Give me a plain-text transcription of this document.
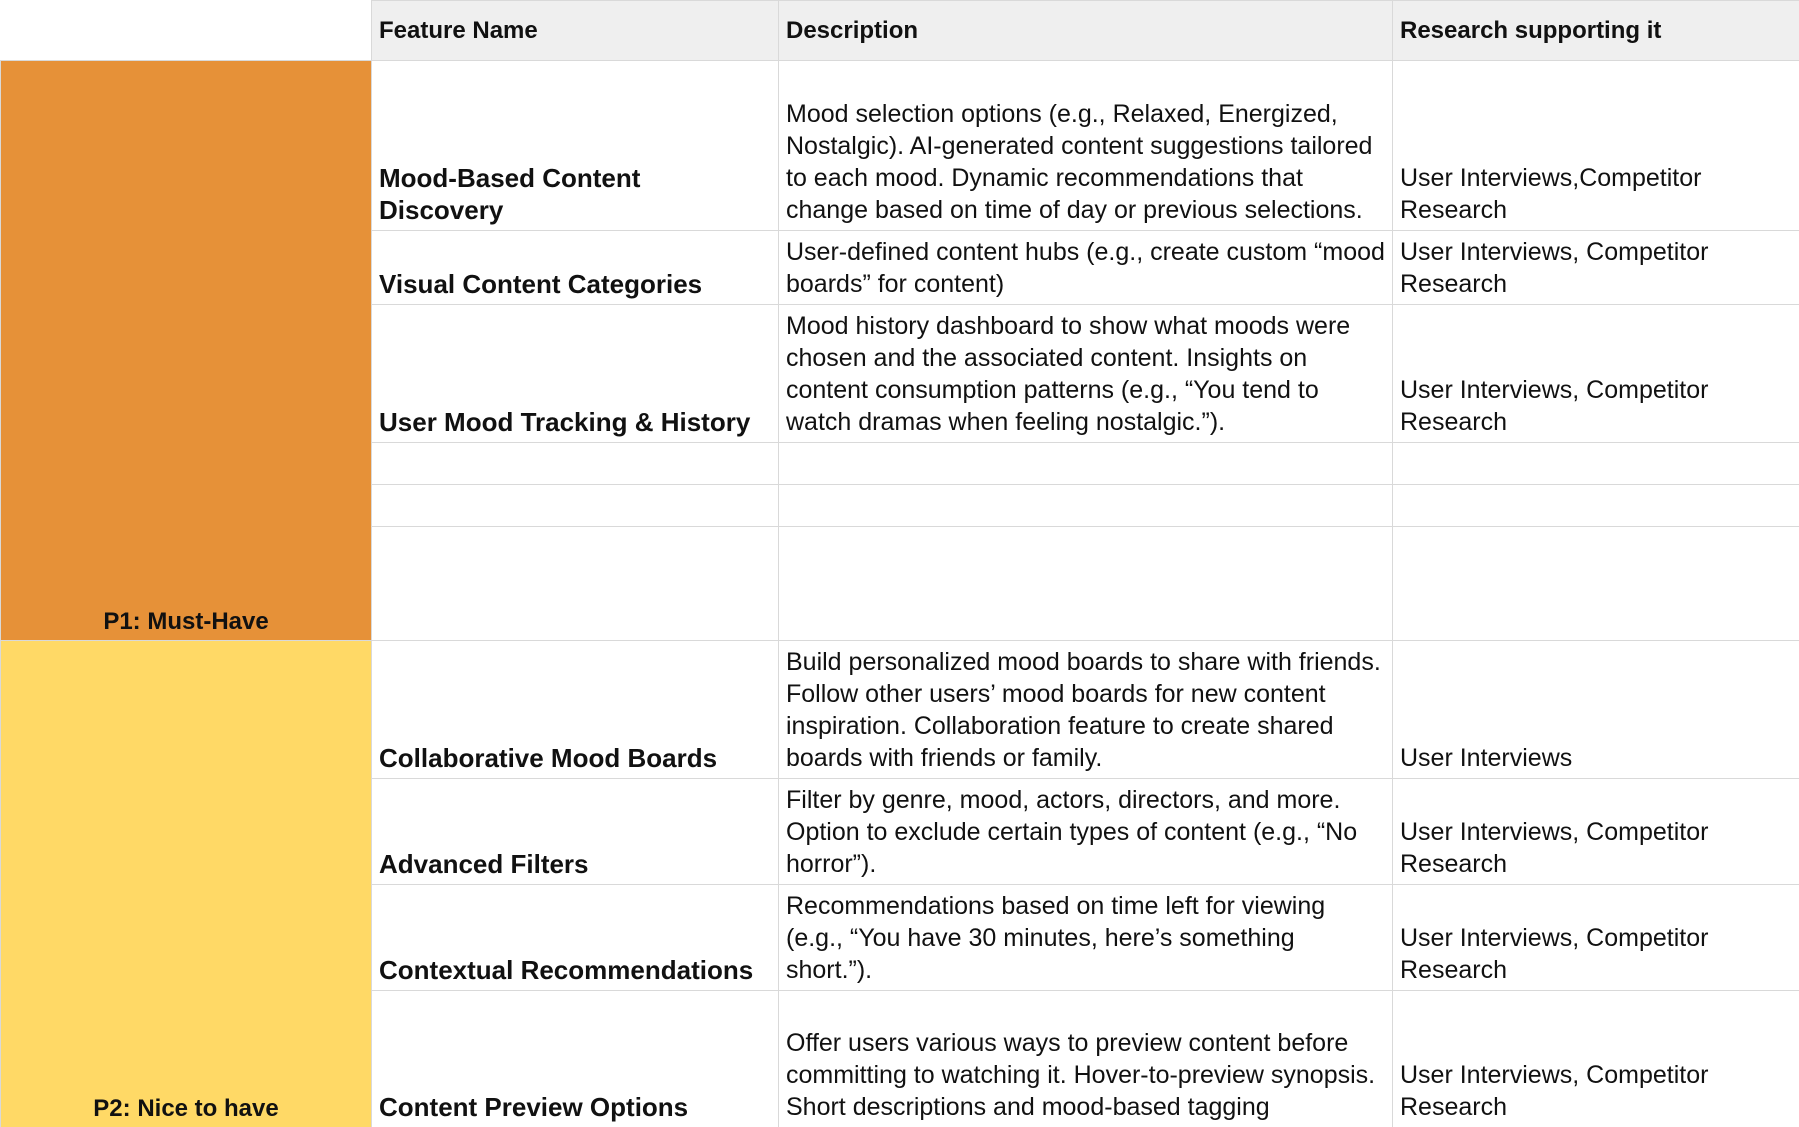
	Feature Name	Description	Research supporting it
P1: Must-Have	Mood-Based Content Discovery	Mood selection options (e.g., Relaxed, Energized, Nostalgic). AI-generated content suggestions tailored to each mood. Dynamic recommendations that change based on time of day or previous selections.	User Interviews,Competitor Research
	Visual Content Categories	User-defined content hubs (e.g., create custom “mood boards” for content)	User Interviews, Competitor Research
	User Mood Tracking & History	Mood history dashboard to show what moods were chosen and the associated content. Insights on content consumption patterns (e.g., “You tend to watch dramas when feeling nostalgic.”).	User Interviews, Competitor Research

P2: Nice to have	Collaborative Mood Boards	Build personalized mood boards to share with friends. Follow other users’ mood boards for new content inspiration. Collaboration feature to create shared boards with friends or family.	User Interviews
	Advanced Filters	Filter by genre, mood, actors, directors, and more. Option to exclude certain types of content (e.g., “No horror”).	User Interviews, Competitor Research
	Contextual Recommendations	Recommendations based on time left for viewing (e.g., “You have 30 minutes, here’s something short.”).	User Interviews, Competitor Research
	Content Preview Options	Offer users various ways to preview content before committing to watching it. Hover-to-preview synopsis. Short descriptions and mood-based tagging	User Interviews, Competitor Research
